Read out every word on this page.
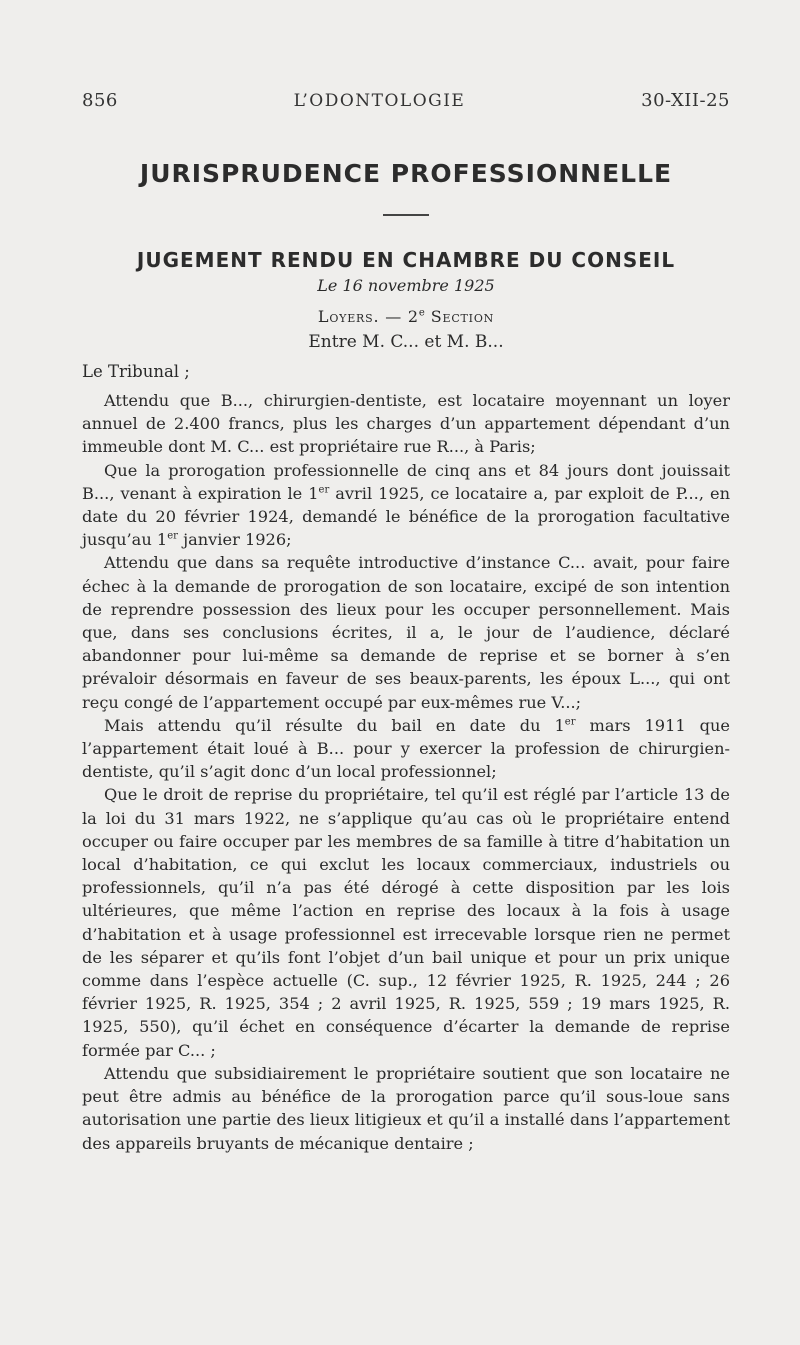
856	L’ODONTOLOGIE	30-XII-25
JURISPRUDENCE PROFESSIONNELLE
JUGEMENT RENDU EN CHAMBRE DU CONSEIL
Le 16 novembre 1925
Loyers. — 2e Section
Entre M. C... et M. B...
Le Tribunal ;

Attendu que B..., chirurgien-dentiste, est locataire moyennant un loyer annuel de 2.400 francs, plus les charges d’un appartement dépendant d’un immeuble dont M. C... est propriétaire rue R..., à Paris;

Que la prorogation professionnelle de cinq ans et 84 jours dont jouissait B..., venant à expiration le 1er avril 1925, ce locataire a, par exploit de P..., en date du 20 février 1924, demandé le bénéfice de la prorogation facultative jusqu’au 1er janvier 1926;

Attendu que dans sa requête introductive d’instance C... avait, pour faire échec à la demande de prorogation de son locataire, excipé de son intention de reprendre possession des lieux pour les occuper personnellement. Mais que, dans ses conclusions écrites, il a, le jour de l’audience, déclaré abandonner pour lui-même sa demande de reprise et se borner à s’en prévaloir désormais en faveur de ses beaux-parents, les époux L..., qui ont reçu congé de l’appartement occupé par eux-mêmes rue V...;

Mais attendu qu’il résulte du bail en date du 1er mars 1911 que l’appartement était loué à B... pour y exercer la profession de chirurgien-dentiste, qu’il s’agit donc d’un local professionnel;

Que le droit de reprise du propriétaire, tel qu’il est réglé par l’article 13 de la loi du 31 mars 1922, ne s’applique qu’au cas où le propriétaire entend occuper ou faire occuper par les membres de sa famille à titre d’habitation un local d’habitation, ce qui exclut les locaux commerciaux, industriels ou professionnels, qu’il n’a pas été dérogé à cette disposition par les lois ultérieures, que même l’action en reprise des locaux à la fois à usage d’habitation et à usage professionnel est irrecevable lorsque rien ne permet de les séparer et qu’ils font l’objet d’un bail unique et pour un prix unique comme dans l’espèce actuelle (C. sup., 12 février 1925, R. 1925, 244 ; 26 février 1925, R. 1925, 354 ; 2 avril 1925, R. 1925, 559 ; 19 mars 1925, R. 1925, 550), qu’il échet en conséquence d’écarter la demande de reprise formée par C... ;

Attendu que subsidiairement le propriétaire soutient que son locataire ne peut être admis au bénéfice de la prorogation parce qu’il sous-loue sans autorisation une partie des lieux litigieux et qu’il a installé dans l’appartement des appareils bruyants de mécanique dentaire ;
